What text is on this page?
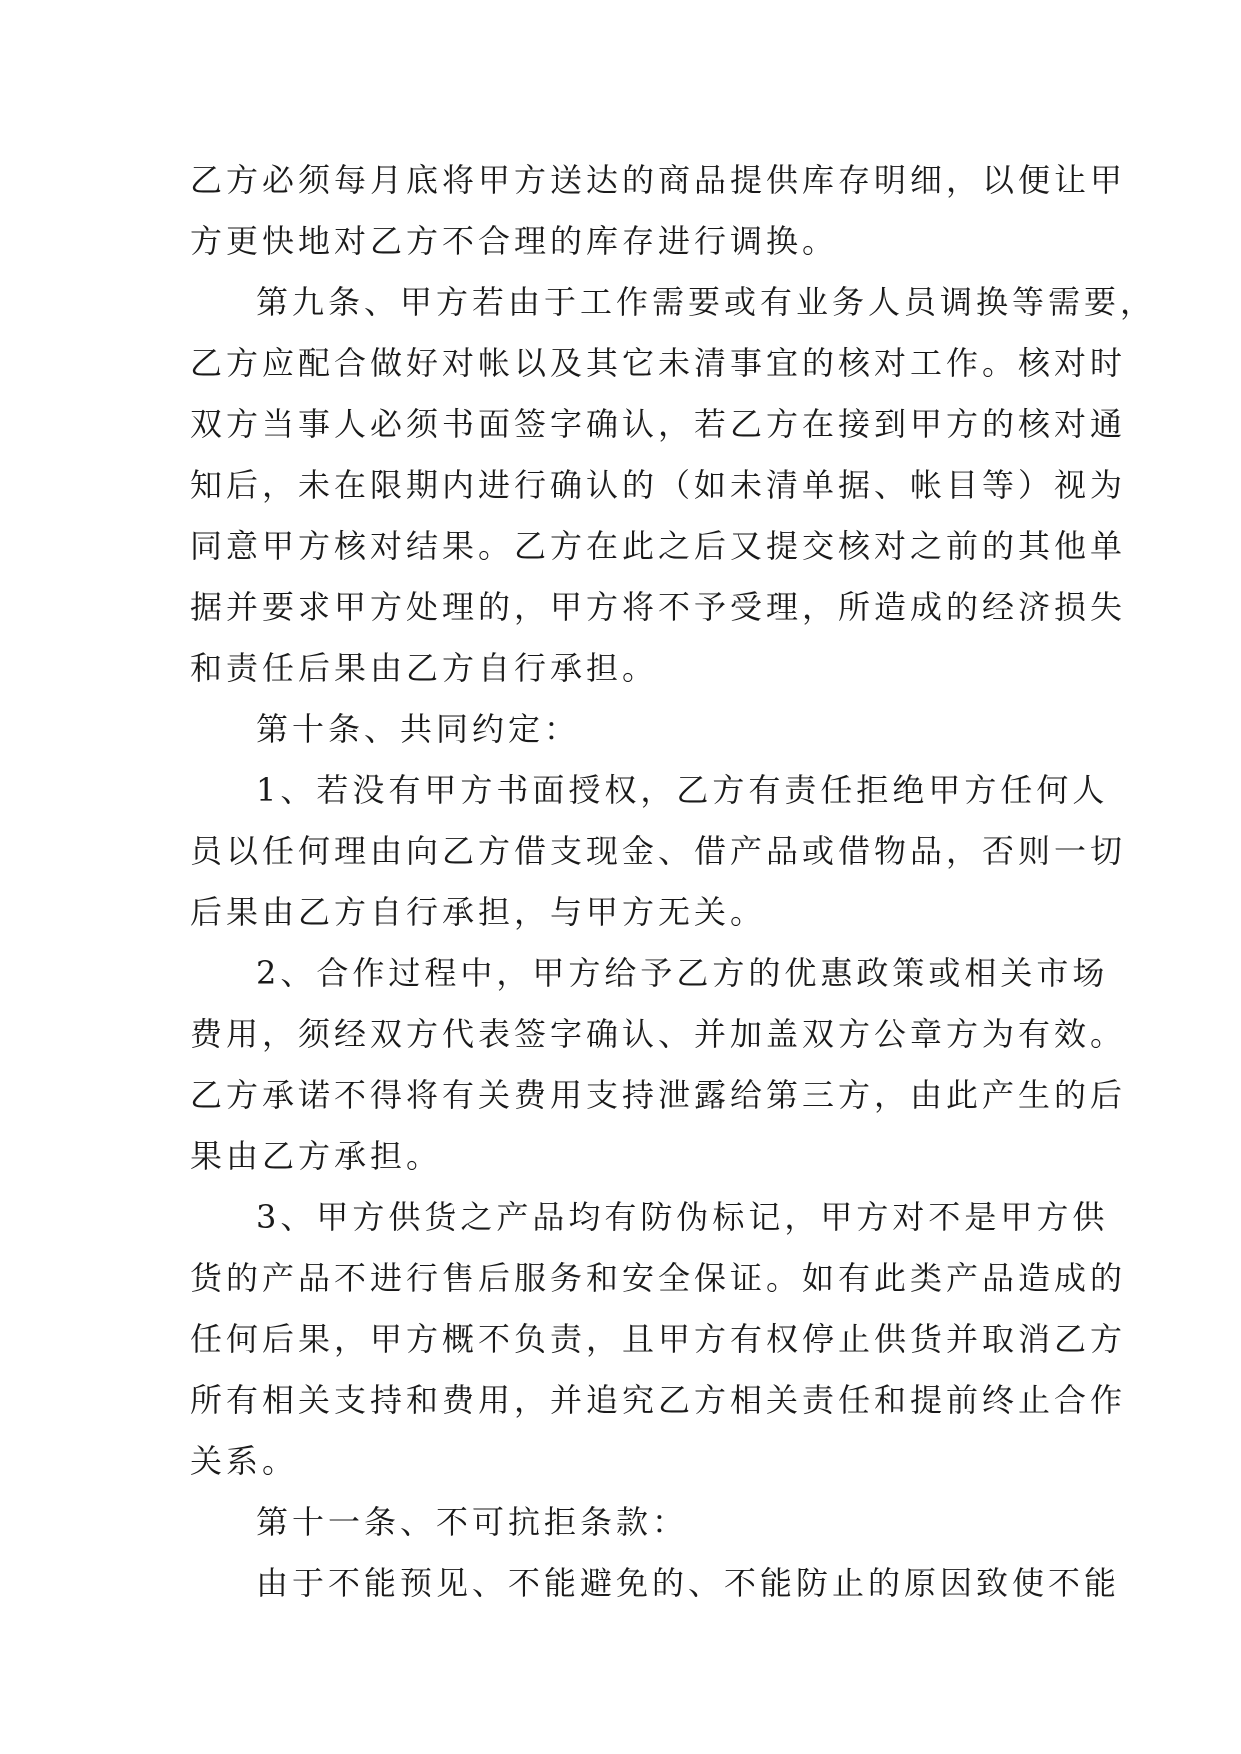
乙方必须每月底将甲方送达的商品提供库存明细，以便让甲
方更快地对乙方不合理的库存进行调换。
第九条、甲方若由于工作需要或有业务人员调换等需要，
乙方应配合做好对帐以及其它未清事宜的核对工作。核对时
双方当事人必须书面签字确认，若乙方在接到甲方的核对通
知后，未在限期内进行确认的（如未清单据、帐目等）视为
同意甲方核对结果。乙方在此之后又提交核对之前的其他单
据并要求甲方处理的，甲方将不予受理，所造成的经济损失
和责任后果由乙方自行承担。
第十条、共同约定：
1、若没有甲方书面授权，乙方有责任拒绝甲方任何人
员以任何理由向乙方借支现金、借产品或借物品，否则一切
后果由乙方自行承担，与甲方无关。
2、合作过程中，甲方给予乙方的优惠政策或相关市场
费用，须经双方代表签字确认、并加盖双方公章方为有效。
乙方承诺不得将有关费用支持泄露给第三方，由此产生的后
果由乙方承担。
3、甲方供货之产品均有防伪标记，甲方对不是甲方供
货的产品不进行售后服务和安全保证。如有此类产品造成的
任何后果，甲方概不负责，且甲方有权停止供货并取消乙方
所有相关支持和费用，并追究乙方相关责任和提前终止合作
关系。
第十一条、不可抗拒条款：
由于不能预见、不能避免的、不能防止的原因致使不能
